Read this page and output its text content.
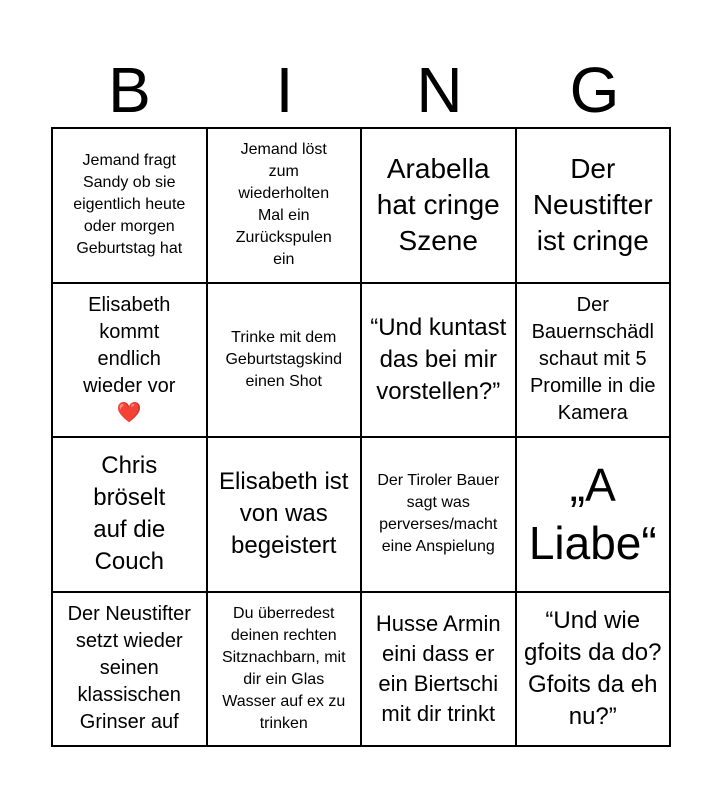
B	I	N	G
Jemand fragt Sandy ob sie eigentlich heute oder morgen Geburtstag hat
Jemand löst zum wiederholten Mal ein Zurückspulen ein
Arabella hat cringe Szene
Der Neustifter ist cringe
Elisabeth kommt endlich wieder vor
❤️
Trinke mit dem Geburtstagskind einen Shot
“Und kuntast das bei mir vorstellen?”
Der Bauernschädl schaut mit 5 Promille in die Kamera
Chris bröselt auf die Couch
Elisabeth ist von was begeistert
Der Tiroler Bauer sagt was perverses/macht eine Anspielung
„A Liabe“
Der Neustifter setzt wieder seinen klassischen Grinser auf
Du überredest deinen rechten Sitznachbarn, mit dir ein Glas Wasser auf ex zu trinken
Husse Armin eini dass er ein Biertschi mit dir trinkt
“Und wie gfoits da do? Gfoits da eh nu?”
